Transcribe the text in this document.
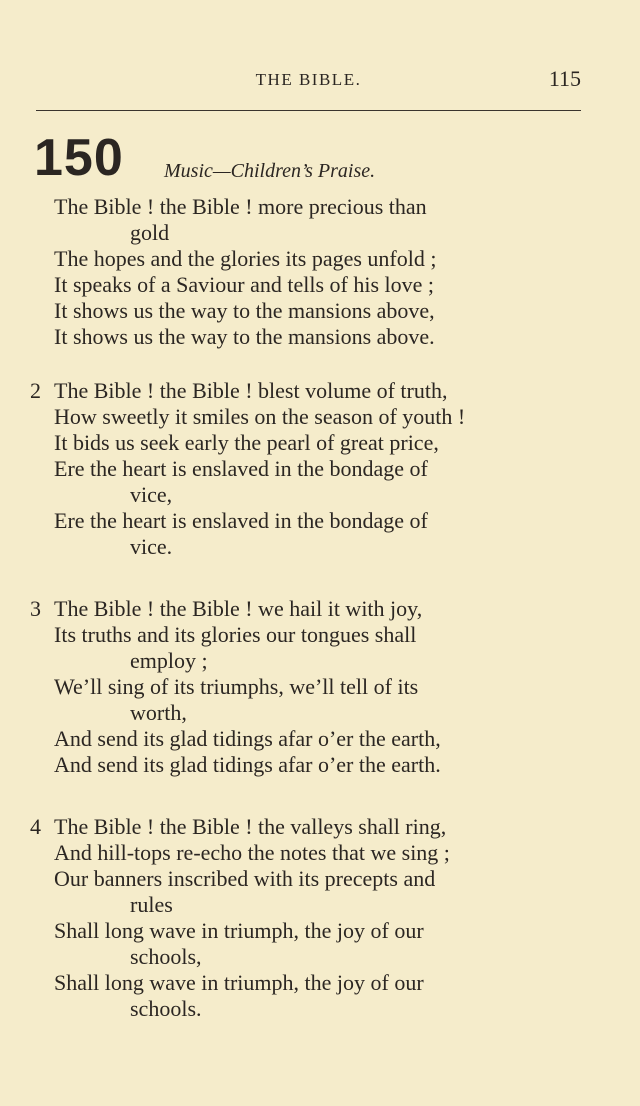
THE BIBLE.	115
150 Music—Children’s Praise.
The Bible ! the Bible ! more precious than
gold
The hopes and the glories its pages unfold ;
It speaks of a Saviour and tells of his love ;
It shows us the way to the mansions above,
It shows us the way to the mansions above.
2 The Bible ! the Bible ! blest volume of truth,
How sweetly it smiles on the season of youth !
It bids us seek early the pearl of great price,
Ere the heart is enslaved in the bondage of
vice,
Ere the heart is enslaved in the bondage of
vice.
3 The Bible ! the Bible ! we hail it with joy,
Its truths and its glories our tongues shall
employ ;
We’ll sing of its triumphs, we’ll tell of its
worth,
And send its glad tidings afar o’er the earth,
And send its glad tidings afar o’er the earth.
4 The Bible ! the Bible ! the valleys shall ring,
And hill-tops re-echo the notes that we sing ;
Our banners inscribed with its precepts and
rules
Shall long wave in triumph, the joy of our
schools,
Shall long wave in triumph, the joy of our
schools.
